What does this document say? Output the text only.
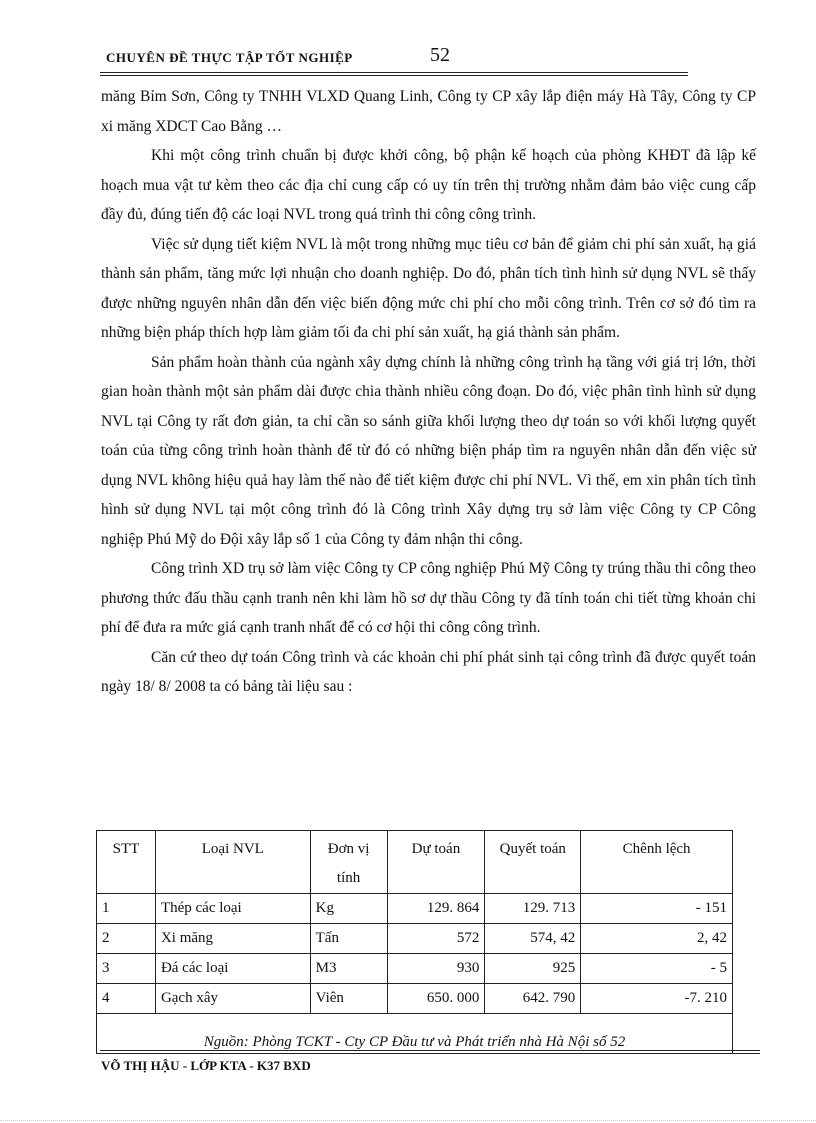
CHUYÊN ĐỀ THỰC TẬP TỐT NGHIỆP	52

măng Bỉm Sơn, Công ty TNHH VLXD Quang Linh, Công ty CP xây lắp điện máy Hà Tây, Công ty CP xi măng XDCT Cao Bằng …

Khi một công trình chuẩn bị được khởi công, bộ phận kế hoạch của phòng KHĐT đã lập kế hoạch mua vật tư kèm theo các địa chỉ cung cấp có uy tín trên thị trường nhằm đảm bảo việc cung cấp đầy đủ, đúng tiến độ các loại NVL trong quá trình thi công công trình.

Việc sử dụng tiết kiệm NVL là một trong những mục tiêu cơ bản để giảm chi phí sản xuất, hạ giá thành sản phẩm, tăng mức lợi nhuận cho doanh nghiệp. Do đó, phân tích tình hình sử dụng NVL sẽ thấy được những nguyên nhân dẫn đến việc biến động mức chi phí cho mỗi công trình. Trên cơ sở đó tìm ra những biện pháp thích hợp làm giảm tối đa chi phí sản xuất, hạ giá thành sản phẩm.

Sản phẩm hoàn thành của ngành xây dựng chính là những công trình hạ tầng với giá trị lớn, thời gian hoàn thành một sản phẩm dài được chia thành nhiều công đoạn. Do đó, việc phân tình hình sử dụng NVL tại Công ty rất đơn giản, ta chỉ cần so sánh giữa khối lượng theo dự toán so với khối lượng quyết toán của từng công trình hoàn thành để từ đó có những biện pháp tìm ra nguyên nhân dẫn đến việc sử dụng NVL không hiệu quả hay làm thế nào để tiết kiệm được chi phí NVL. Vì thế, em xin phân tích tình hình sử dụng NVL tại một công trình đó là Công trình Xây dựng trụ sở làm việc Công ty CP Công nghiệp Phú Mỹ do Đội xây lắp số 1 của Công ty đảm nhận thi công.

Công trình XD trụ sở làm việc Công ty CP công nghiệp Phú Mỹ Công ty trúng thầu thi công theo phương thức đấu thầu cạnh tranh nên khi làm hồ sơ dự thầu Công ty đã tính toán chi tiết từng khoản chi phí để đưa ra mức giá cạnh tranh nhất để có cơ hội thi công công trình.

Căn cứ theo dự toán Công trình và các khoản chi phí phát sinh tại công trình đã được quyết toán ngày 18/ 8/ 2008 ta có bảng tài liệu sau :

STT	Loại NVL	Đơn vị tính	Dự toán	Quyết toán	Chênh lệch
1	Thép các loại	Kg	129. 864	129. 713	- 151
2	Xi măng	Tấn	572	574, 42	2, 42
3	Đá các loại	M3	930	925	- 5
4	Gạch xây	Viên	650. 000	642. 790	-7. 210
Nguồn: Phòng TCKT - Cty CP Đầu tư và Phát triển nhà Hà Nội số 52					
VÕ THỊ HẬU - LỚP KTA - K37 BXD
